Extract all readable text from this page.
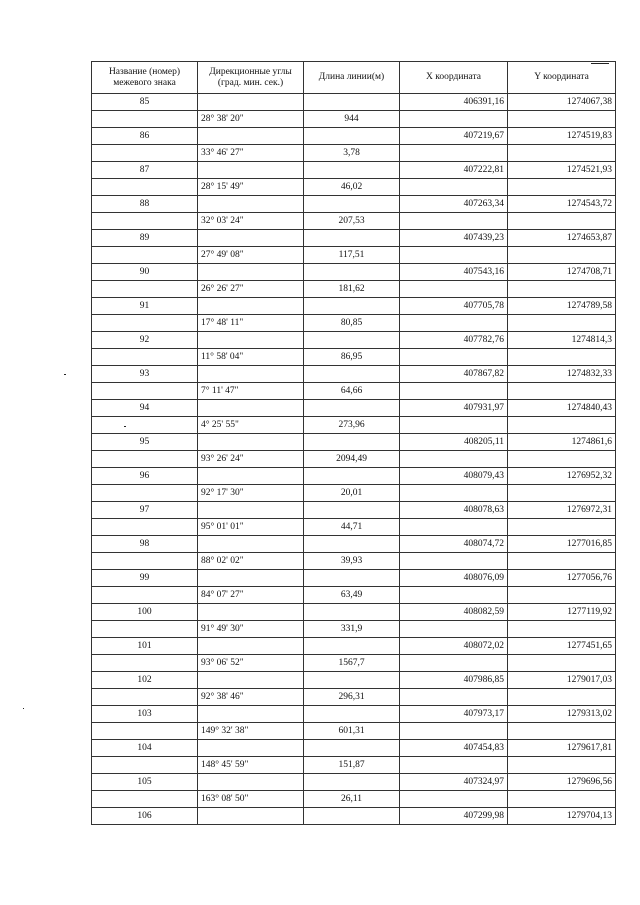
Название (номер) межевого знака	Дирекционные углы (град. мин. сек.)	Длина линии(м)	X координата	Y координата
85			406391,16	1274067,38
	28° 38' 20"	944		
86			407219,67	1274519,83
	33° 46' 27"	3,78		
87			407222,81	1274521,93
	28° 15' 49"	46,02		
88			407263,34	1274543,72
	32° 03' 24"	207,53		
89			407439,23	1274653,87
	27° 49' 08"	117,51		
90			407543,16	1274708,71
	26° 26' 27"	181,62		
91			407705,78	1274789,58
	17° 48' 11"	80,85		
92			407782,76	1274814,3
	11° 58' 04"	86,95		
93			407867,82	1274832,33
	7° 11' 47"	64,66		
94			407931,97	1274840,43
	4° 25' 55"	273,96		
95			408205,11	1274861,6
	93° 26' 24"	2094,49		
96			408079,43	1276952,32
	92° 17' 30"	20,01		
97			408078,63	1276972,31
	95° 01' 01"	44,71		
98			408074,72	1277016,85
	88° 02' 02"	39,93		
99			408076,09	1277056,76
	84° 07' 27"	63,49		
100			408082,59	1277119,92
	91° 49' 30"	331,9		
101			408072,02	1277451,65
	93° 06' 52"	1567,7		
102			407986,85	1279017,03
	92° 38' 46"	296,31		
103			407973,17	1279313,02
	149° 32' 38"	601,31		
104			407454,83	1279617,81
	148° 45' 59"	151,87		
105			407324,97	1279696,56
	163° 08' 50"	26,11		
106			407299,98	1279704,13
